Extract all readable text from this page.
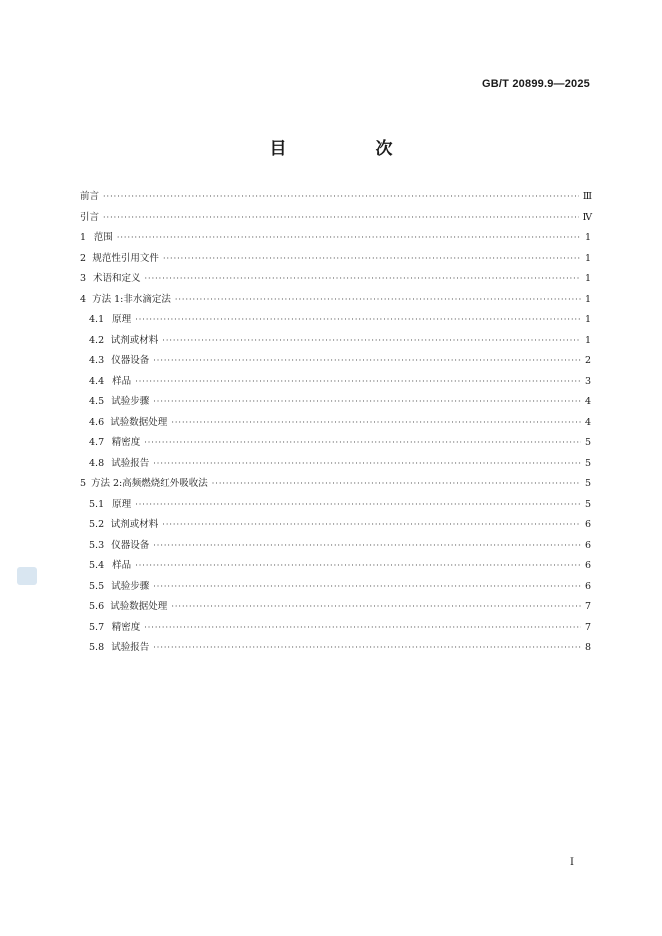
GB/T 20899.9—2025
目　次
前言 ·····	Ⅲ
引言 ·····	Ⅳ
1 范围 ·····	1
2 规范性引用文件 ·····	1
3 术语和定义 ·····	1
4 方法 1:非水滴定法 ·····	1
4.1 原理 ·····	1
4.2 试剂或材料 ·····	1
4.3 仪器设备 ·····	2
4.4 样品 ·····	3
4.5 试验步骤 ·····	4
4.6 试验数据处理 ·····	4
4.7 精密度 ·····	5
4.8 试验报告 ·····	5
5 方法 2:高频燃烧红外吸收法 ·····	5
5.1 原理 ·····	5
5.2 试剂或材料 ·····	6
5.3 仪器设备 ·····	6
5.4 样品 ·····	6
5.5 试验步骤 ·····	6
5.6 试验数据处理 ·····	7
5.7 精密度 ·····	7
5.8 试验报告 ·····	8
I
